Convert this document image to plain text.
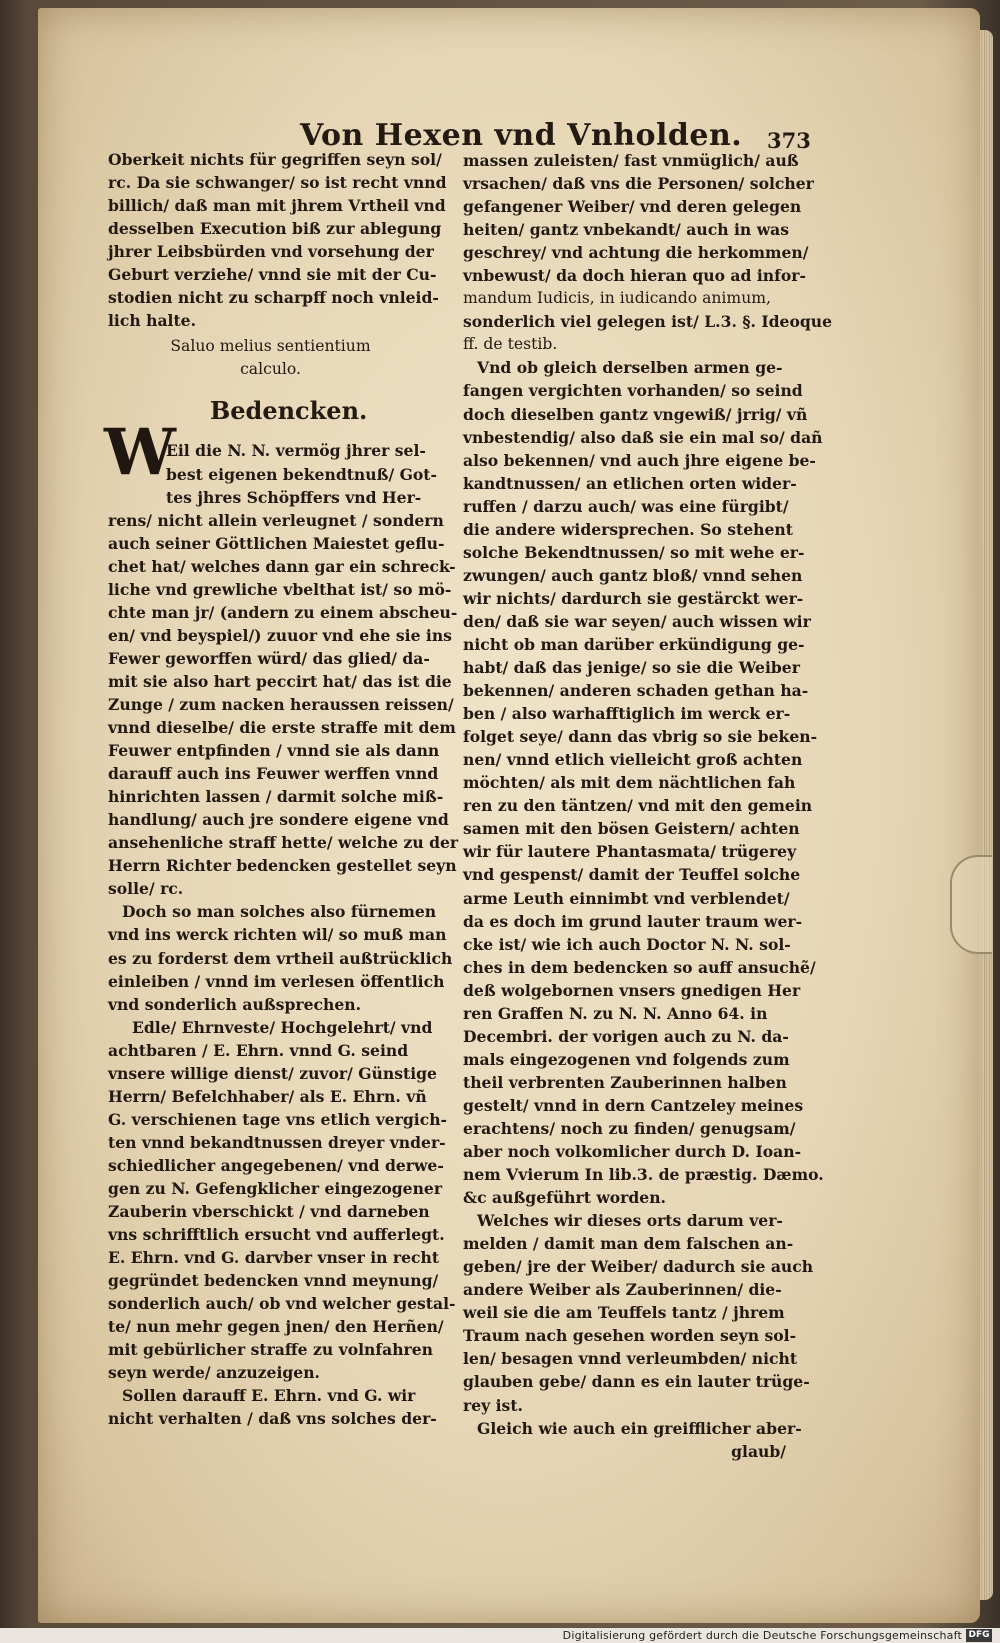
Von Hexen vnd Vnholden.	373
Oberkeit nichts für gegriffen seyn sol/
rc. Da sie schwanger/ so ist recht vnnd
billich/ daß man mit jhrem Vrtheil vnd
desselben Execution biß zur ablegung
jhrer Leibsbürden vnd vorsehung der
Geburt verziehe/ vnnd sie mit der Cu-
stodien nicht zu scharpff noch vnleid-
lich halte.
Saluo melius sentientium
calculo.
Eil die N. N. vermög jhrer sel-
best eigenen bekendtnuß/ Got-
tes jhres Schöpffers vnd Her-
rens/ nicht allein verleugnet / sondern
auch seiner Göttlichen Maiestet geflu-
chet hat/ welches dann gar ein schreck-
liche vnd grewliche vbelthat ist/ so mö-
chte man jr/ (andern zu einem abscheu-
en/ vnd beyspiel/) zuuor vnd ehe sie ins
Fewer geworffen würd/ das glied/ da-
mit sie also hart peccirt hat/ das ist die
Zunge / zum nacken heraussen reissen/
vnnd dieselbe/ die erste straffe mit dem
Feuwer entpfinden / vnnd sie als dann
darauff auch ins Feuwer werffen vnnd
hinrichten lassen / darmit solche miß-
handlung/ auch jre sondere eigene vnd
ansehenliche straff hette/ welche zu der
Herrn Richter bedencken gestellet seyn
solle/ rc.
Doch so man solches also fürnemen
vnd ins werck richten wil/ so muß man
es zu forderst dem vrtheil außtrücklich
einleiben / vnnd im verlesen öffentlich
vnd sonderlich außsprechen.
Edle/ Ehrnveste/ Hochgelehrt/ vnd
achtbaren / E. Ehrn. vnnd G. seind
vnsere willige dienst/ zuvor/ Günstige
Herrn/ Befelchhaber/ als E. Ehrn. vñ
G. verschienen tage vns etlich vergich-
ten vnnd bekandtnussen dreyer vnder-
schiedlicher angegebenen/ vnd derwe-
gen zu N. Gefengklicher eingezogener
Zauberin vberschickt / vnd darneben
vns schrifftlich ersucht vnd aufferlegt.
E. Ehrn. vnd G. darvber vnser in recht
gegründet bedencken vnnd meynung/
sonderlich auch/ ob vnd welcher gestal-
te/ nun mehr gegen jnen/ den Herñen/
mit gebürlicher straffe zu volnfahren
seyn werde/ anzuzeigen.
Sollen darauff E. Ehrn. vnd G. wir
nicht verhalten / daß vns solches der-
Bedencken.
W
massen zuleisten/ fast vnmüglich/ auß
vrsachen/ daß vns die Personen/ solcher
gefangener Weiber/ vnd deren gelegen
heiten/ gantz vnbekandt/ auch in was
geschrey/ vnd achtung die herkommen/
vnbewust/ da doch hieran quo ad infor-
mandum Iudicis, in iudicando animum,
sonderlich viel gelegen ist/ L.3. §. Ideoque
ff. de testib.
Vnd ob gleich derselben armen ge-
fangen vergichten vorhanden/ so seind
doch dieselben gantz vngewiß/ jrrig/ vñ
vnbestendig/ also daß sie ein mal so/ dañ
also bekennen/ vnd auch jhre eigene be-
kandtnussen/ an etlichen orten wider-
ruffen / darzu auch/ was eine fürgibt/
die andere widersprechen. So stehent
solche Bekendtnussen/ so mit wehe er-
zwungen/ auch gantz bloß/ vnnd sehen
wir nichts/ dardurch sie gestärckt wer-
den/ daß sie war seyen/ auch wissen wir
nicht ob man darüber erkündigung ge-
habt/ daß das jenige/ so sie die Weiber
bekennen/ anderen schaden gethan ha-
ben / also warhafftiglich im werck er-
folget seye/ dann das vbrig so sie beken-
nen/ vnnd etlich vielleicht groß achten
möchten/ als mit dem nächtlichen fah
ren zu den täntzen/ vnd mit den gemein
samen mit den bösen Geistern/ achten
wir für lautere Phantasmata/ trügerey
vnd gespenst/ damit der Teuffel solche
arme Leuth einnimbt vnd verblendet/
da es doch im grund lauter traum wer-
cke ist/ wie ich auch Doctor N. N. sol-
ches in dem bedencken so auff ansuchẽ/
deß wolgebornen vnsers gnedigen Her
ren Graffen N. zu N. N. Anno 64. in
Decembri. der vorigen auch zu N. da-
mals eingezogenen vnd folgends zum
theil verbrenten Zauberinnen halben
gestelt/ vnnd in dern Cantzeley meines
erachtens/ noch zu finden/ genugsam/
aber noch volkomlicher durch D. Ioan-
nem Vvierum In lib.3. de præstig. Dæmo.
&c außgeführt worden.
Welches wir dieses orts darum ver-
melden / damit man dem falschen an-
geben/ jre der Weiber/ dadurch sie auch
andere Weiber als Zauberinnen/ die-
weil sie die am Teuffels tantz / jhrem
Traum nach gesehen worden seyn sol-
len/ besagen vnnd verleumbden/ nicht
glauben gebe/ dann es ein lauter trüge-
rey ist.
Gleich wie auch ein greifflicher aber-
glaub/
Digitalisierung gefördert durch die Deutsche Forschungsgemeinschaft DFG
